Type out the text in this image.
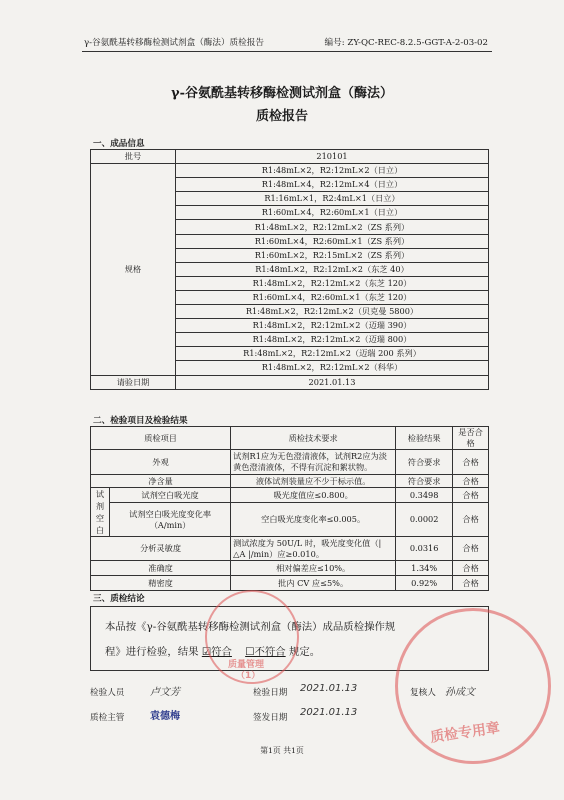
γ-谷氨酰基转移酶检测试剂盒（酶法）质检报告	编号: ZY-QC-REC-8.2.5-GGT-A-2-03-02
γ-谷氨酰基转移酶检测试剂盒（酶法）
质检报告
一、成品信息
批号	210101
规格	R1:48mL×2，R2:12mL×2（日立）
	R1:48mL×4，R2:12mL×4（日立）
	R1:16mL×1，R2:4mL×1（日立）
	R1:60mL×4，R2:60mL×1（日立）
	R1:48mL×2，R2:12mL×2（ZS 系列）
	R1:60mL×4，R2:60mL×1（ZS 系列）
	R1:60mL×2，R2:15mL×2（ZS 系列）
	R1:48mL×2，R2:12mL×2（东芝 40）
	R1:48mL×2，R2:12mL×2（东芝 120）
	R1:60mL×4，R2:60mL×1（东芝 120）
	R1:48mL×2，R2:12mL×2（贝克曼 5800）
	R1:48mL×2，R2:12mL×2（迈瑞 390）
	R1:48mL×2，R2:12mL×2（迈瑞 800）
	R1:48mL×2，R2:12mL×2（迈瑞 200 系列）
	R1:48mL×2，R2:12mL×2（科华）
请验日期	2021.01.13
二、检验项目及检验结果
质检项目		质检技术要求	检验结果	是否合格
外观		试剂R1应为无色澄清液体，试剂R2应为淡黄色澄清液体，不得有沉淀和絮状物。	符合要求	合格
净含量		液体试剂装量应不少于标示值。	符合要求	合格
试剂空白	试剂空白吸光度	吸光度值应≤0.800。	0.3498	合格
	试剂空白吸光度变化率（A/min）	空白吸光度变化率≤0.005。	0.0002	合格
分析灵敏度		测试浓度为 50U/L 时，吸光度变化值（|△A |/min）应≥0.010。	0.0316	合格
准确度		相对偏差应≤10%。	1.34%	合格
精密度		批内 CV 应≤5%。	0.92%	合格
三、质检结论

本品按《γ-谷氨酰基转移酶检测试剂盒（酶法）成品质检操作规

程》进行检验，结果 ☑符合 ☐不符合 规定。

质量管理
（1）
质检专用章
检验人员	卢文芳	检验日期 2021.01.13	复核人 孙成文
质检主管	袁德梅	签发日期 2021.01.13
第1页 共1页
